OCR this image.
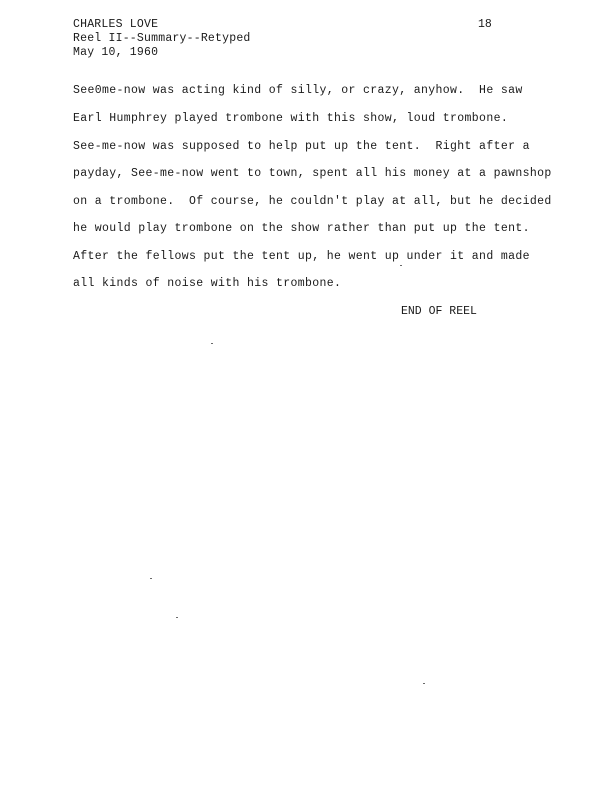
CHARLES LOVE
Reel II--Summary--Retyped
May 10, 1960
18
See0me-now was acting kind of silly, or crazy, anyhow.  He saw
Earl Humphrey played trombone with this show, loud trombone.
See-me-now was supposed to help put up the tent.  Right after a
payday, See-me-now went to town, spent all his money at a pawnshop
on a trombone.  Of course, he couldn't play at all, but he decided
he would play trombone on the show rather than put up the tent.
After the fellows put the tent up, he went up under it and made
all kinds of noise with his trombone.
END OF REEL
